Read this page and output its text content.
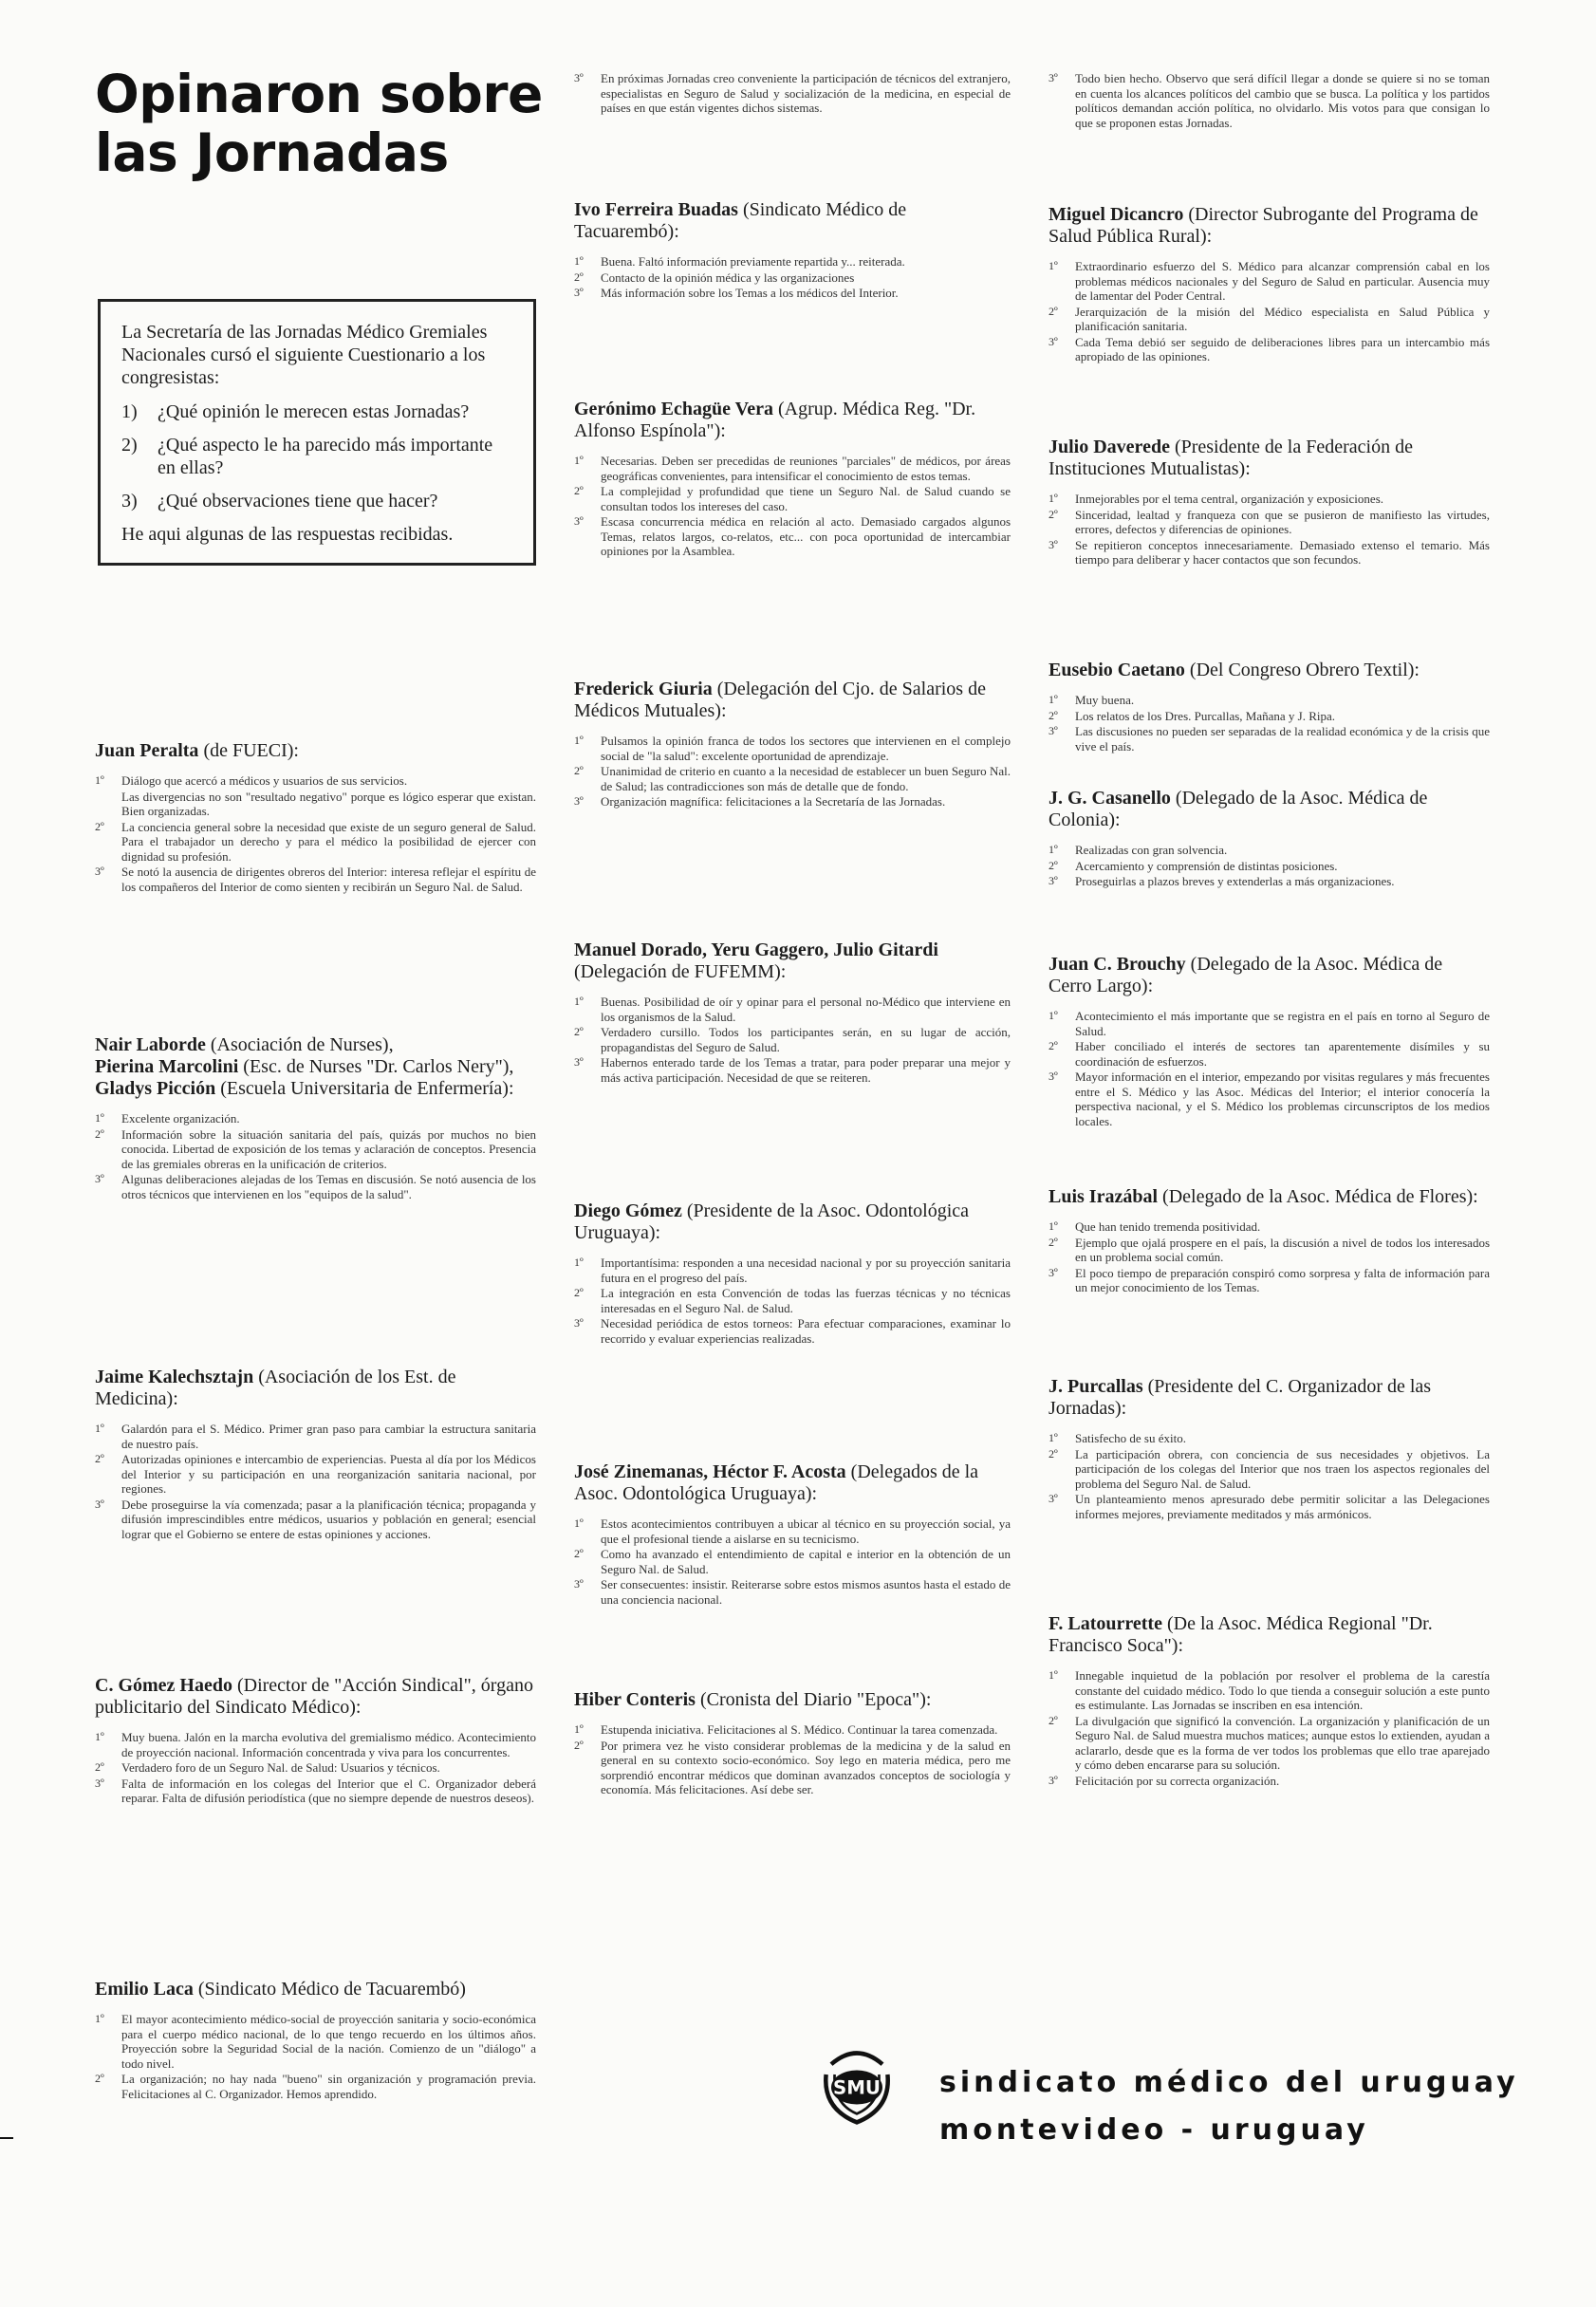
Opinaron sobre las Jornadas

La Secretaría de las Jornadas Médico Gremiales Nacionales cursó el siguiente Cuestionario a los congresistas:

1)	¿Qué opinión le merecen estas Jornadas?
2)	¿Qué aspecto le ha parecido más importante en ellas?
3)	¿Qué observaciones tiene que hacer?

He aqui algunas de las respuestas recibidas.

Juan Peralta (de FUECI):
1º	Diálogo que acercó a médicos y usuarios de sus servicios.
Las divergencias no son "resultado negativo" porque es lógico esperar que existan. Bien organizadas.
2º	La conciencia general sobre la necesidad que existe de un seguro general de Salud. Para el trabajador un derecho y para el médico la posibilidad de ejercer con dignidad su profesión.
3º	Se notó la ausencia de dirigentes obreros del Interior: interesa reflejar el espíritu de los compañeros del Interior de como sienten y recibirán un Seguro Nal. de Salud.
Nair Laborde (Asociación de Nurses),
Pierina Marcolini (Esc. de Nurses "Dr. Carlos Nery"),
Gladys Picción (Escuela Universitaria de Enfermería):
1º	Excelente organización.
2º	Información sobre la situación sanitaria del país, quizás por muchos no bien conocida. Libertad de exposición de los temas y aclaración de conceptos. Presencia de las gremiales obreras en la unificación de criterios.
3º	Algunas deliberaciones alejadas de los Temas en discusión. Se notó ausencia de los otros técnicos que intervienen en los "equipos de la salud".
Jaime Kalechsztajn (Asociación de los Est. de Medicina):
1º	Galardón para el S. Médico. Primer gran paso para cambiar la estructura sanitaria de nuestro país.
2º	Autorizadas opiniones e intercambio de experiencias. Puesta al día por los Médicos del Interior y su participación en una reorganización sanitaria nacional, por regiones.
3º	Debe proseguirse la vía comenzada; pasar a la planificación técnica; propaganda y difusión imprescindibles entre médicos, usuarios y población en general; esencial lograr que el Gobierno se entere de estas opiniones y acciones.
C. Gómez Haedo (Director de "Acción Sindical", órgano publicitario del Sindicato Médico):
1º	Muy buena. Jalón en la marcha evolutiva del gremialismo médico. Acontecimiento de proyección nacional. Información concentrada y viva para los concurrentes.
2º	Verdadero foro de un Seguro Nal. de Salud: Usuarios y técnicos.
3º	Falta de información en los colegas del Interior que el C. Organizador deberá reparar. Falta de difusión periodística (que no siempre depende de nuestros deseos).
Emilio Laca (Sindicato Médico de Tacuarembó)
1º	El mayor acontecimiento médico-social de proyección sanitaria y socio-económica para el cuerpo médico nacional, de lo que tengo recuerdo en los últimos años. Proyección sobre la Seguridad Social de la nación. Comienzo de un "diálogo" a todo nivel.
2º	La organización; no hay nada "bueno" sin organización y programación previa. Felicitaciones al C. Organizador. Hemos aprendido.
3º	En próximas Jornadas creo conveniente la participación de técnicos del extranjero, especialistas en Seguro de Salud y socialización de la medicina, en especial de países en que están vigentes dichos sistemas.
Ivo Ferreira Buadas (Sindicato Médico de Tacuarembó):
1º	Buena. Faltó información previamente repartida y... reiterada.
2º	Contacto de la opinión médica y las organizaciones
3º	Más información sobre los Temas a los médicos del Interior.
Gerónimo Echagüe Vera (Agrup. Médica Reg. "Dr. Alfonso Espínola"):
1º	Necesarias. Deben ser precedidas de reuniones "parciales" de médicos, por áreas geográficas convenientes, para intensificar el conocimiento de estos temas.
2º	La complejidad y profundidad que tiene un Seguro Nal. de Salud cuando se consultan todos los intereses del caso.
3º	Escasa concurrencia médica en relación al acto. Demasiado cargados algunos Temas, relatos largos, co-relatos, etc... con poca oportunidad de intercambiar opiniones por la Asamblea.
Frederick Giuria (Delegación del Cjo. de Salarios de Médicos Mutuales):
1º	Pulsamos la opinión franca de todos los sectores que intervienen en el complejo social de "la salud": excelente oportunidad de aprendizaje.
2º	Unanimidad de criterio en cuanto a la necesidad de establecer un buen Seguro Nal. de Salud; las contradicciones son más de detalle que de fondo.
3º	Organización magnífica: felicitaciones a la Secretaría de las Jornadas.
Manuel Dorado, Yeru Gaggero, Julio Gitardi (Delegación de FUFEMM):
1º	Buenas. Posibilidad de oír y opinar para el personal no-Médico que interviene en los organismos de la Salud.
2º	Verdadero cursillo. Todos los participantes serán, en su lugar de acción, propagandistas del Seguro de Salud.
3º	Habernos enterado tarde de los Temas a tratar, para poder preparar una mejor y más activa participación. Necesidad de que se reiteren.
Diego Gómez (Presidente de la Asoc. Odontológica Uruguaya):
1º	Importantísima: responden a una necesidad nacional y por su proyección sanitaria futura en el progreso del país.
2º	La integración en esta Convención de todas las fuerzas técnicas y no técnicas interesadas en el Seguro Nal. de Salud.
3º	Necesidad periódica de estos torneos: Para efectuar comparaciones, examinar lo recorrido y evaluar experiencias realizadas.
José Zinemanas, Héctor F. Acosta (Delegados de la Asoc. Odontológica Uruguaya):
1º	Estos acontecimientos contribuyen a ubicar al técnico en su proyección social, ya que el profesional tiende a aislarse en su tecnicismo.
2º	Como ha avanzado el entendimiento de capital e interior en la obtención de un Seguro Nal. de Salud.
3º	Ser consecuentes: insistir. Reiterarse sobre estos mismos asuntos hasta el estado de una conciencia nacional.
Hiber Conteris (Cronista del Diario "Epoca"):
1º	Estupenda iniciativa. Felicitaciones al S. Médico. Continuar la tarea comenzada.
2º	Por primera vez he visto considerar problemas de la medicina y de la salud en general en su contexto socio-económico. Soy lego en materia médica, pero me sorprendió encontrar médicos que dominan avanzados conceptos de sociología y economía. Más felicitaciones. Así debe ser.
3º	Todo bien hecho. Observo que será difícil llegar a donde se quiere si no se toman en cuenta los alcances políticos del cambio que se busca. La política y los partidos políticos demandan acción política, no olvidarlo. Mis votos para que consigan lo que se proponen estas Jornadas.
Miguel Dicancro (Director Subrogante del Programa de Salud Pública Rural):
1º	Extraordinario esfuerzo del S. Médico para alcanzar comprensión cabal en los problemas médicos nacionales y del Seguro de Salud en particular. Ausencia muy de lamentar del Poder Central.
2º	Jerarquización de la misión del Médico especialista en Salud Pública y planificación sanitaria.
3º	Cada Tema debió ser seguido de deliberaciones libres para un intercambio más apropiado de las opiniones.
Julio Daverede (Presidente de la Federación de Instituciones Mutualistas):
1º	Inmejorables por el tema central, organización y exposiciones.
2º	Sinceridad, lealtad y franqueza con que se pusieron de manifiesto las virtudes, errores, defectos y diferencias de opiniones.
3º	Se repitieron conceptos innecesariamente. Demasiado extenso el temario. Más tiempo para deliberar y hacer contactos que son fecundos.
Eusebio Caetano (Del Congreso Obrero Textil):
1º	Muy buena.
2º	Los relatos de los Dres. Purcallas, Mañana y J. Ripa.
3º	Las discusiones no pueden ser separadas de la realidad económica y de la crisis que vive el país.
J. G. Casanello (Delegado de la Asoc. Médica de Colonia):
1º	Realizadas con gran solvencia.
2º	Acercamiento y comprensión de distintas posiciones.
3º	Proseguirlas a plazos breves y extenderlas a más organizaciones.
Juan C. Brouchy (Delegado de la Asoc. Médica de Cerro Largo):
1º	Acontecimiento el más importante que se registra en el país en torno al Seguro de Salud.
2º	Haber conciliado el interés de sectores tan aparentemente disímiles y su coordinación de esfuerzos.
3º	Mayor información en el interior, empezando por visitas regulares y más frecuentes entre el S. Médico y las Asoc. Médicas del Interior; el interior conocería la perspectiva nacional, y el S. Médico los problemas circunscriptos de los medios locales.
Luis Irazábal (Delegado de la Asoc. Médica de Flores):
1º	Que han tenido tremenda positividad.
2º	Ejemplo que ojalá prospere en el país, la discusión a nivel de todos los interesados en un problema social común.
3º	El poco tiempo de preparación conspiró como sorpresa y falta de información para un mejor conocimiento de los Temas.
J. Purcallas (Presidente del C. Organizador de las Jornadas):
1º	Satisfecho de su éxito.
2º	La participación obrera, con conciencia de sus necesidades y objetivos. La participación de los colegas del Interior que nos traen los aspectos regionales del problema del Seguro Nal. de Salud.
3º	Un planteamiento menos apresurado debe permitir solicitar a las Delegaciones informes mejores, previamente meditados y más armónicos.
F. Latourrette (De la Asoc. Médica Regional "Dr. Francisco Soca"):
1º	Innegable inquietud de la población por resolver el problema de la carestía constante del cuidado médico. Todo lo que tienda a conseguir solución a este punto es estimulante. Las Jornadas se inscriben en esa intención.
2º	La divulgación que significó la convención. La organización y planificación de un Seguro Nal. de Salud muestra muchos matices; aunque estos lo extienden, ayudan a aclararlo, desde que es la forma de ver todos los problemas que ello trae aparejado y cómo deben encararse para su solución.
3º	Felicitación por su correcta organización.
SMU sindicato médico del uruguay
montevideo - uruguay
